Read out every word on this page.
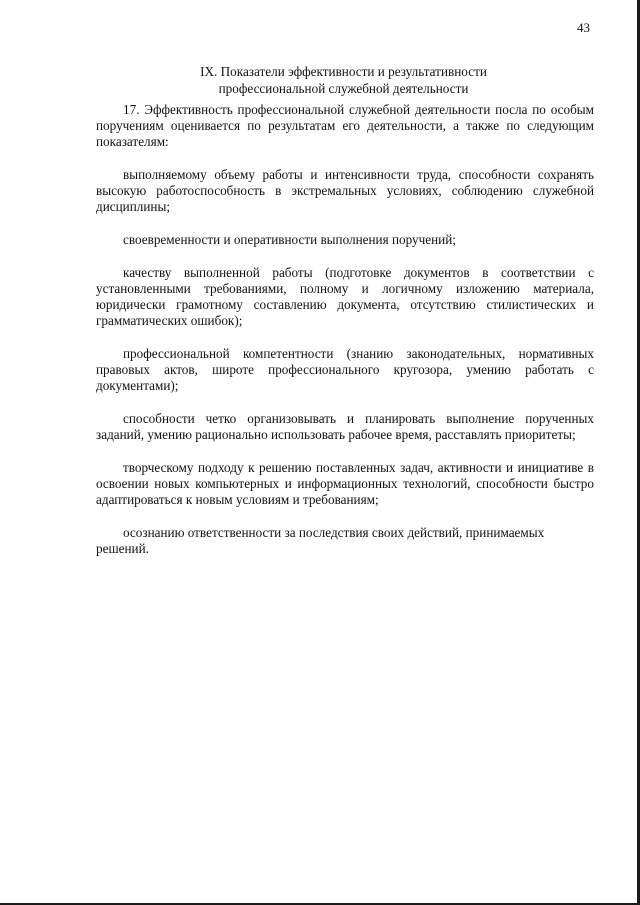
43
IX. Показатели эффективности и результативности
профессиональной служебной деятельности

17. Эффективность профессиональной служебной деятельности посла по особым поручениям оценивается по результатам его деятельности, а также по следующим показателям:

выполняемому объему работы и интенсивности труда, способности сохранять высокую работоспособность в экстремальных условиях, соблюдению служебной дисциплины;

своевременности и оперативности выполнения поручений;

качеству выполненной работы (подготовке документов в соответствии с установленными требованиями, полному и логичному изложению материала, юридически грамотному составлению документа, отсутствию стилистических и грамматических ошибок);

профессиональной компетентности (знанию законодательных, нормативных правовых актов, широте профессионального кругозора, умению работать с документами);

способности четко организовывать и планировать выполнение порученных заданий, умению рационально использовать рабочее время, расставлять приоритеты;

творческому подходу к решению поставленных задач, активности и инициативе в освоении новых компьютерных и информационных технологий, способности быстро адаптироваться к новым условиям и требованиям;

осознанию ответственности за последствия своих действий, принимаемых решений.
